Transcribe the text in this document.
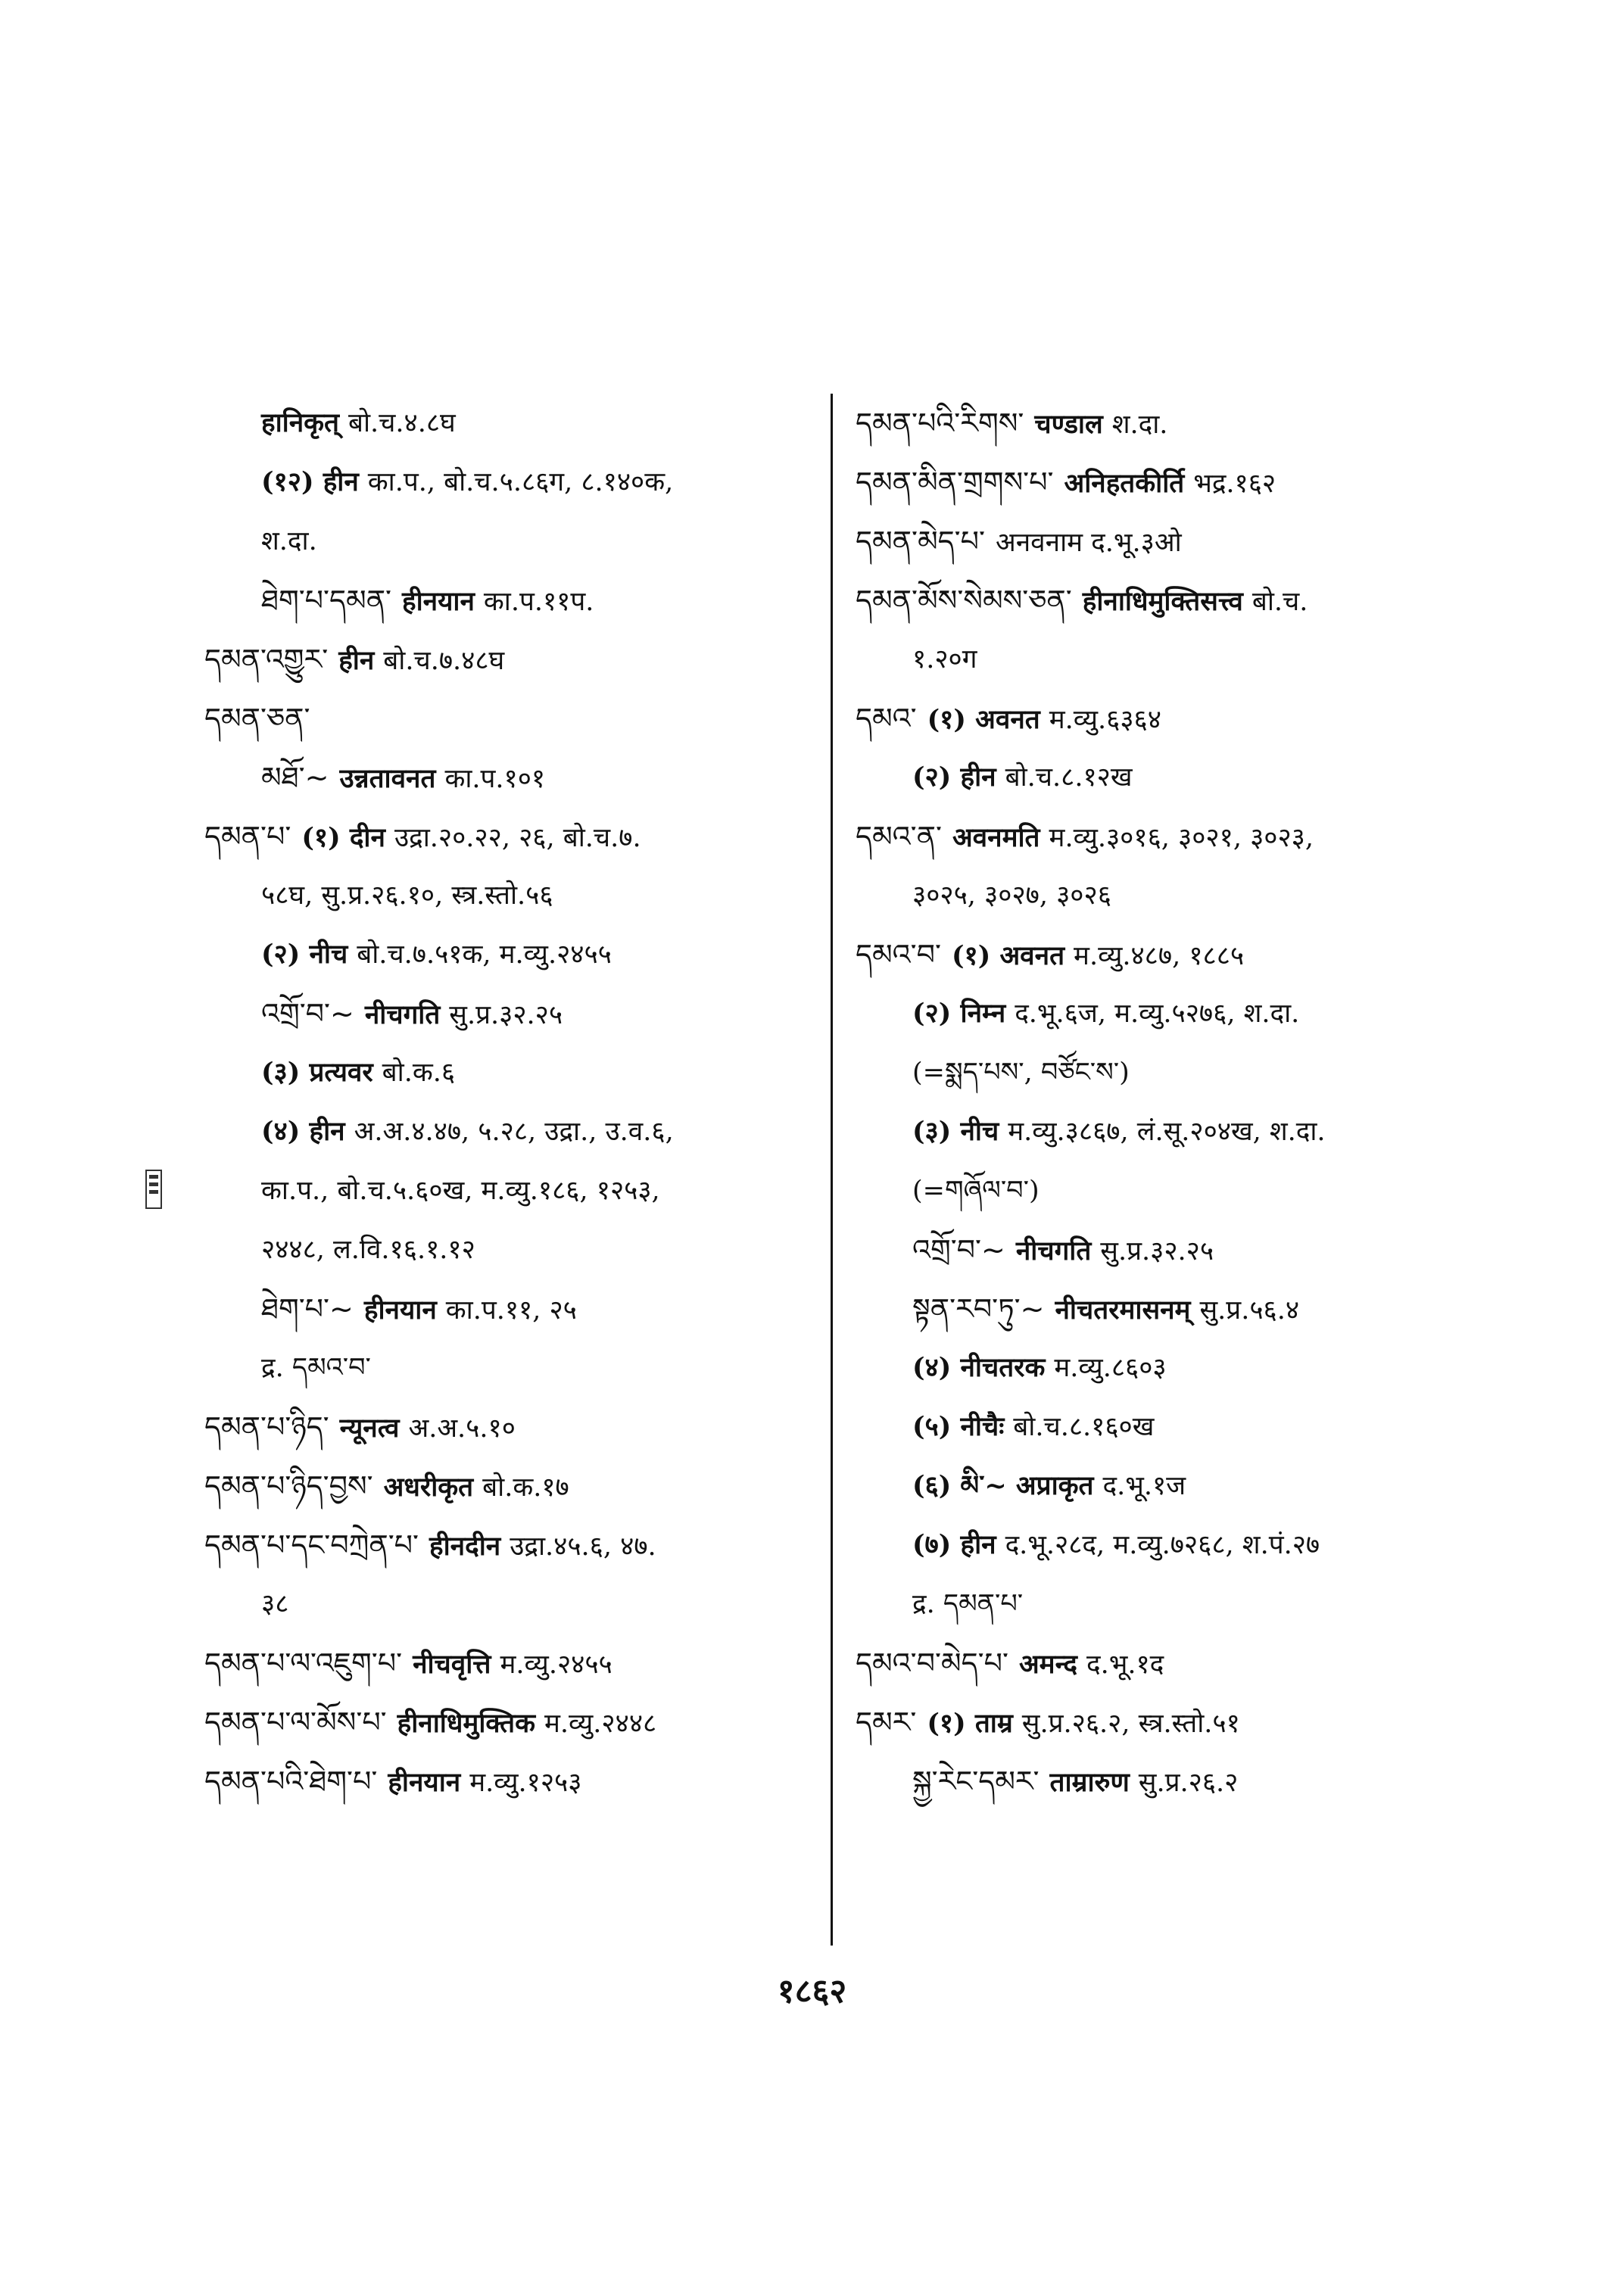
हानिकृत् बो.च.४.८घ
(१२) हीन का.प., बो.च.५.८६ग, ८.१४०क,
श.दा.
ཐེག་པ་དམན་ हीनयान का.प.११प.
དམན་འགྱུར་ हीन बो.च.७.४८घ
དམན་ཅན་
མཐོ་~ उन्नतावनत का.प.१०१
དམན་པ་ (१) दीन उद्रा.२०.२२, २६, बो.च.७.
५८घ, सु.प्र.२६.१०, स्त्र.स्तो.५६
(२) नीच बो.च.७.५१क, म.व्यु.२४५५
འགྲོ་བ་~ नीचगति सु.प्र.३२.२५
(३) प्रत्यवर बो.क.६
(४) हीन अ.अ.४.४७, ५.२८, उद्रा., उ.व.६,
का.प., बो.च.५.६०ख, म.व्यु.१८६, १२५३,
२४४८, ल.वि.१६.१.१२
ཐེག་པ་~ हीनयान का.प.११, २५
द्र. དམའ་བ་
དམན་པ་ཉིད་ न्यूनत्व अ.अ.५.१०
དམན་པ་ཉིད་བྱས་ अधरीकृत बो.क.१७
དམན་པ་དང་བཀྲེན་པ་ हीनदीन उद्रा.४५.६, ४७.
३८
དམན་པ་ལ་འཇུག་པ་ नीचवृत्ति म.व्यु.२४५५
དམན་པ་ལ་མོས་པ་ हीनाधिमुक्तिक म.व्यु.२४४८
དམན་པའི་ཐེག་པ་ हीनयान म.व्यु.१२५३
དམན་པའི་རིགས་ चण्डाल श.दा.
དམན་མིན་གྲགས་པ་ अनिहतकीर्ति भद्र.१६२
དམན་མེད་པ་ अनवनाम द.भू.३ओ
དམན་མོས་སེམས་ཅན་ हीनाधिमुक्तिसत्त्व बो.च.
१.२०ग
དམའ་ (१) अवनत म.व्यु.६३६४
(२) हीन बो.च.८.१२ख
དམའ་ན་ अवनमति म.व्यु.३०१६, ३०२१, ३०२३,
३०२५, ३०२७, ३०२६
དམའ་བ་ (१) अवनत म.व्यु.४८७, १८८५
(२) निम्न द.भू.६ज, म.व्यु.५२७६, श.दा.
(=སྨད་པས་, བཙོང་ས་)
(३) नीच म.व्यु.३८६७, लं.सू.२०४ख, श.दा.
(=གཞོལ་བ་)
འགྲོ་བ་~ नीचगति सु.प्र.३२.२५
སྟན་རབ་ཏུ་~ नीचतरमासनम् सु.प्र.५६.४
(४) नीचतरक म.व्यु.८६०३
(५) नीचैः बो.च.८.१६०ख
(६) མི་~ अप्राकृत द.भू.१ज
(७) हीन द.भू.२८द, म.व्यु.७२६८, श.पं.२७
द्र. དམན་པ་
དམའ་བ་མེད་པ་ अमन्द द.भू.१द
དམར་ (१) ताम्र सु.प्र.२६.२, स्त्र.स्तो.५१
སྐྱ་རེང་དམར་ ताम्रारुण सु.प्र.२६.२
१८६२
